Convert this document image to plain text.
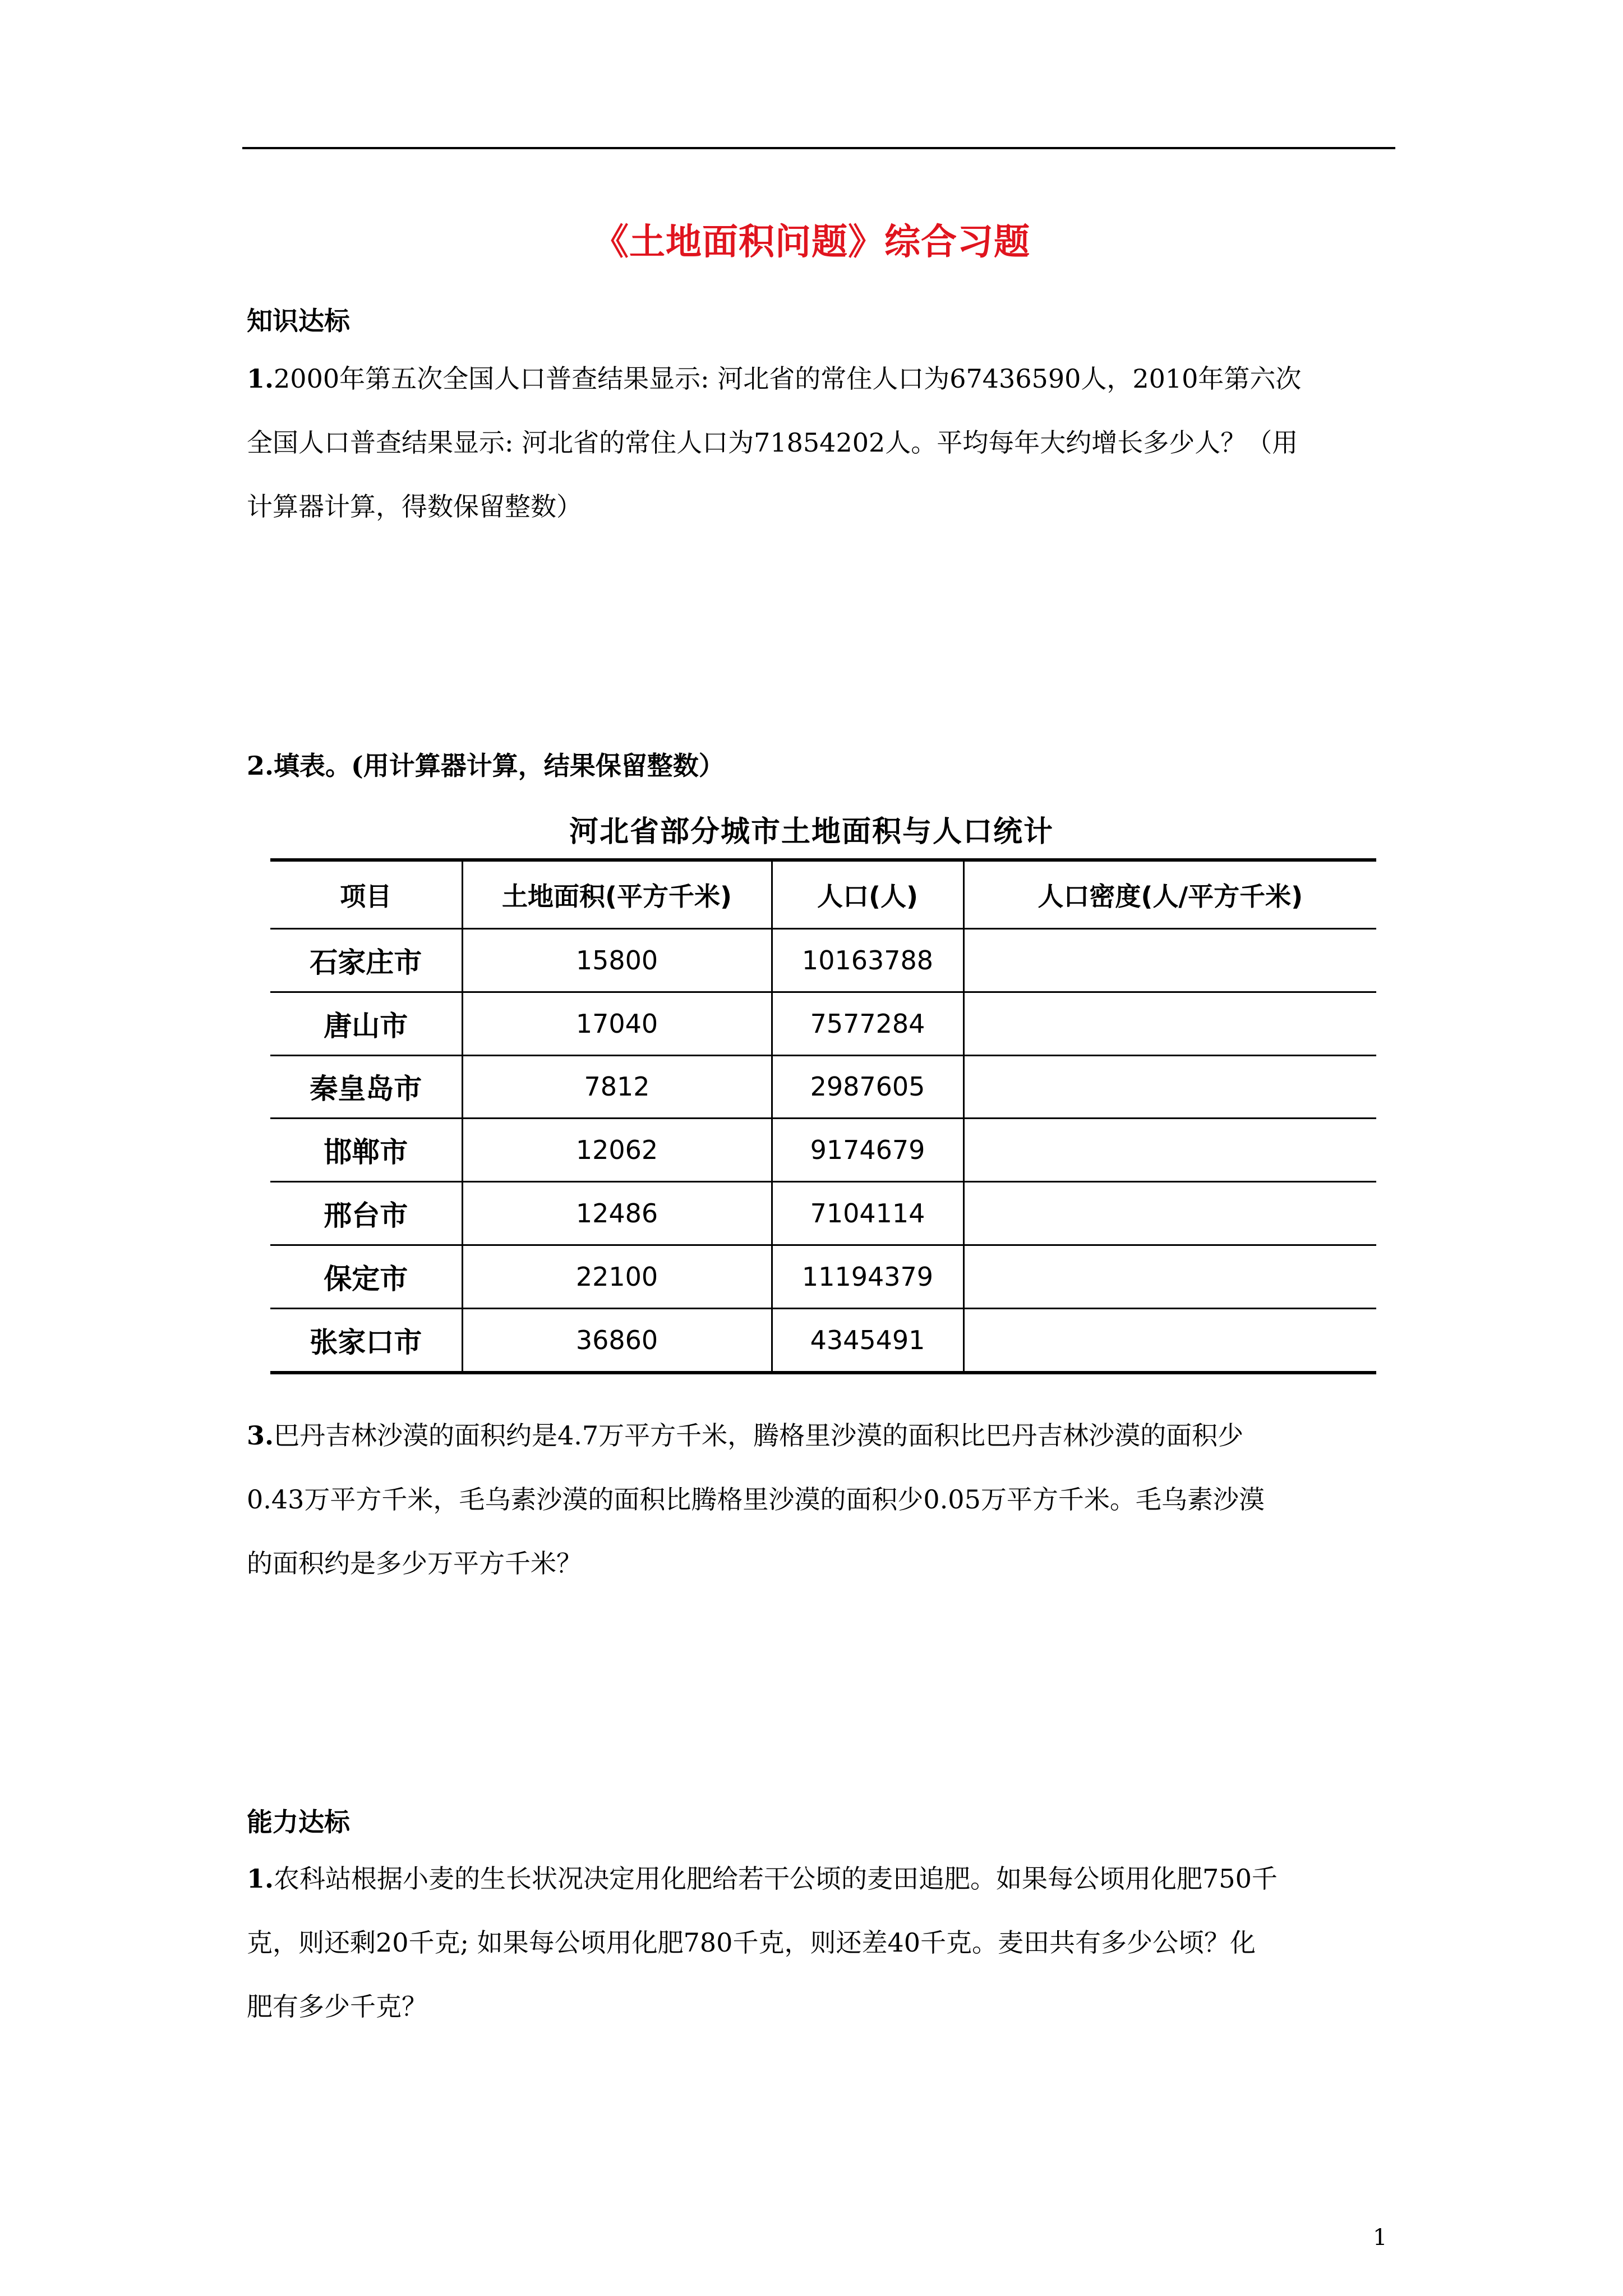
《土地面积问题》综合习题
知识达标
1.2000年第五次全国人口普查结果显示: 河北省的常住人口为67436590人，2010年第六次
全国人口普查结果显示: 河北省的常住人口为71854202人。平均每年大约增长多少人？（用
计算器计算，得数保留整数）
2.填表。(用计算器计算，结果保留整数）
河北省部分城市土地面积与人口统计
项目	土地面积(平方千米)	人口(人)	人口密度(人/平方千米)
石家庄市	15800	10163788	
唐山市	17040	7577284	
秦皇岛市	7812	2987605	
邯郸市	12062	9174679	
邢台市	12486	7104114	
保定市	22100	11194379	
张家口市	36860	4345491	
3.巴丹吉林沙漠的面积约是4.7万平方千米，腾格里沙漠的面积比巴丹吉林沙漠的面积少
0.43万平方千米，毛乌素沙漠的面积比腾格里沙漠的面积少0.05万平方千米。毛乌素沙漠
的面积约是多少万平方千米？
能力达标
1.农科站根据小麦的生长状况决定用化肥给若干公顷的麦田追肥。如果每公顷用化肥750千
克，则还剩20千克; 如果每公顷用化肥780千克，则还差40千克。麦田共有多少公顷？化
肥有多少千克？
1
